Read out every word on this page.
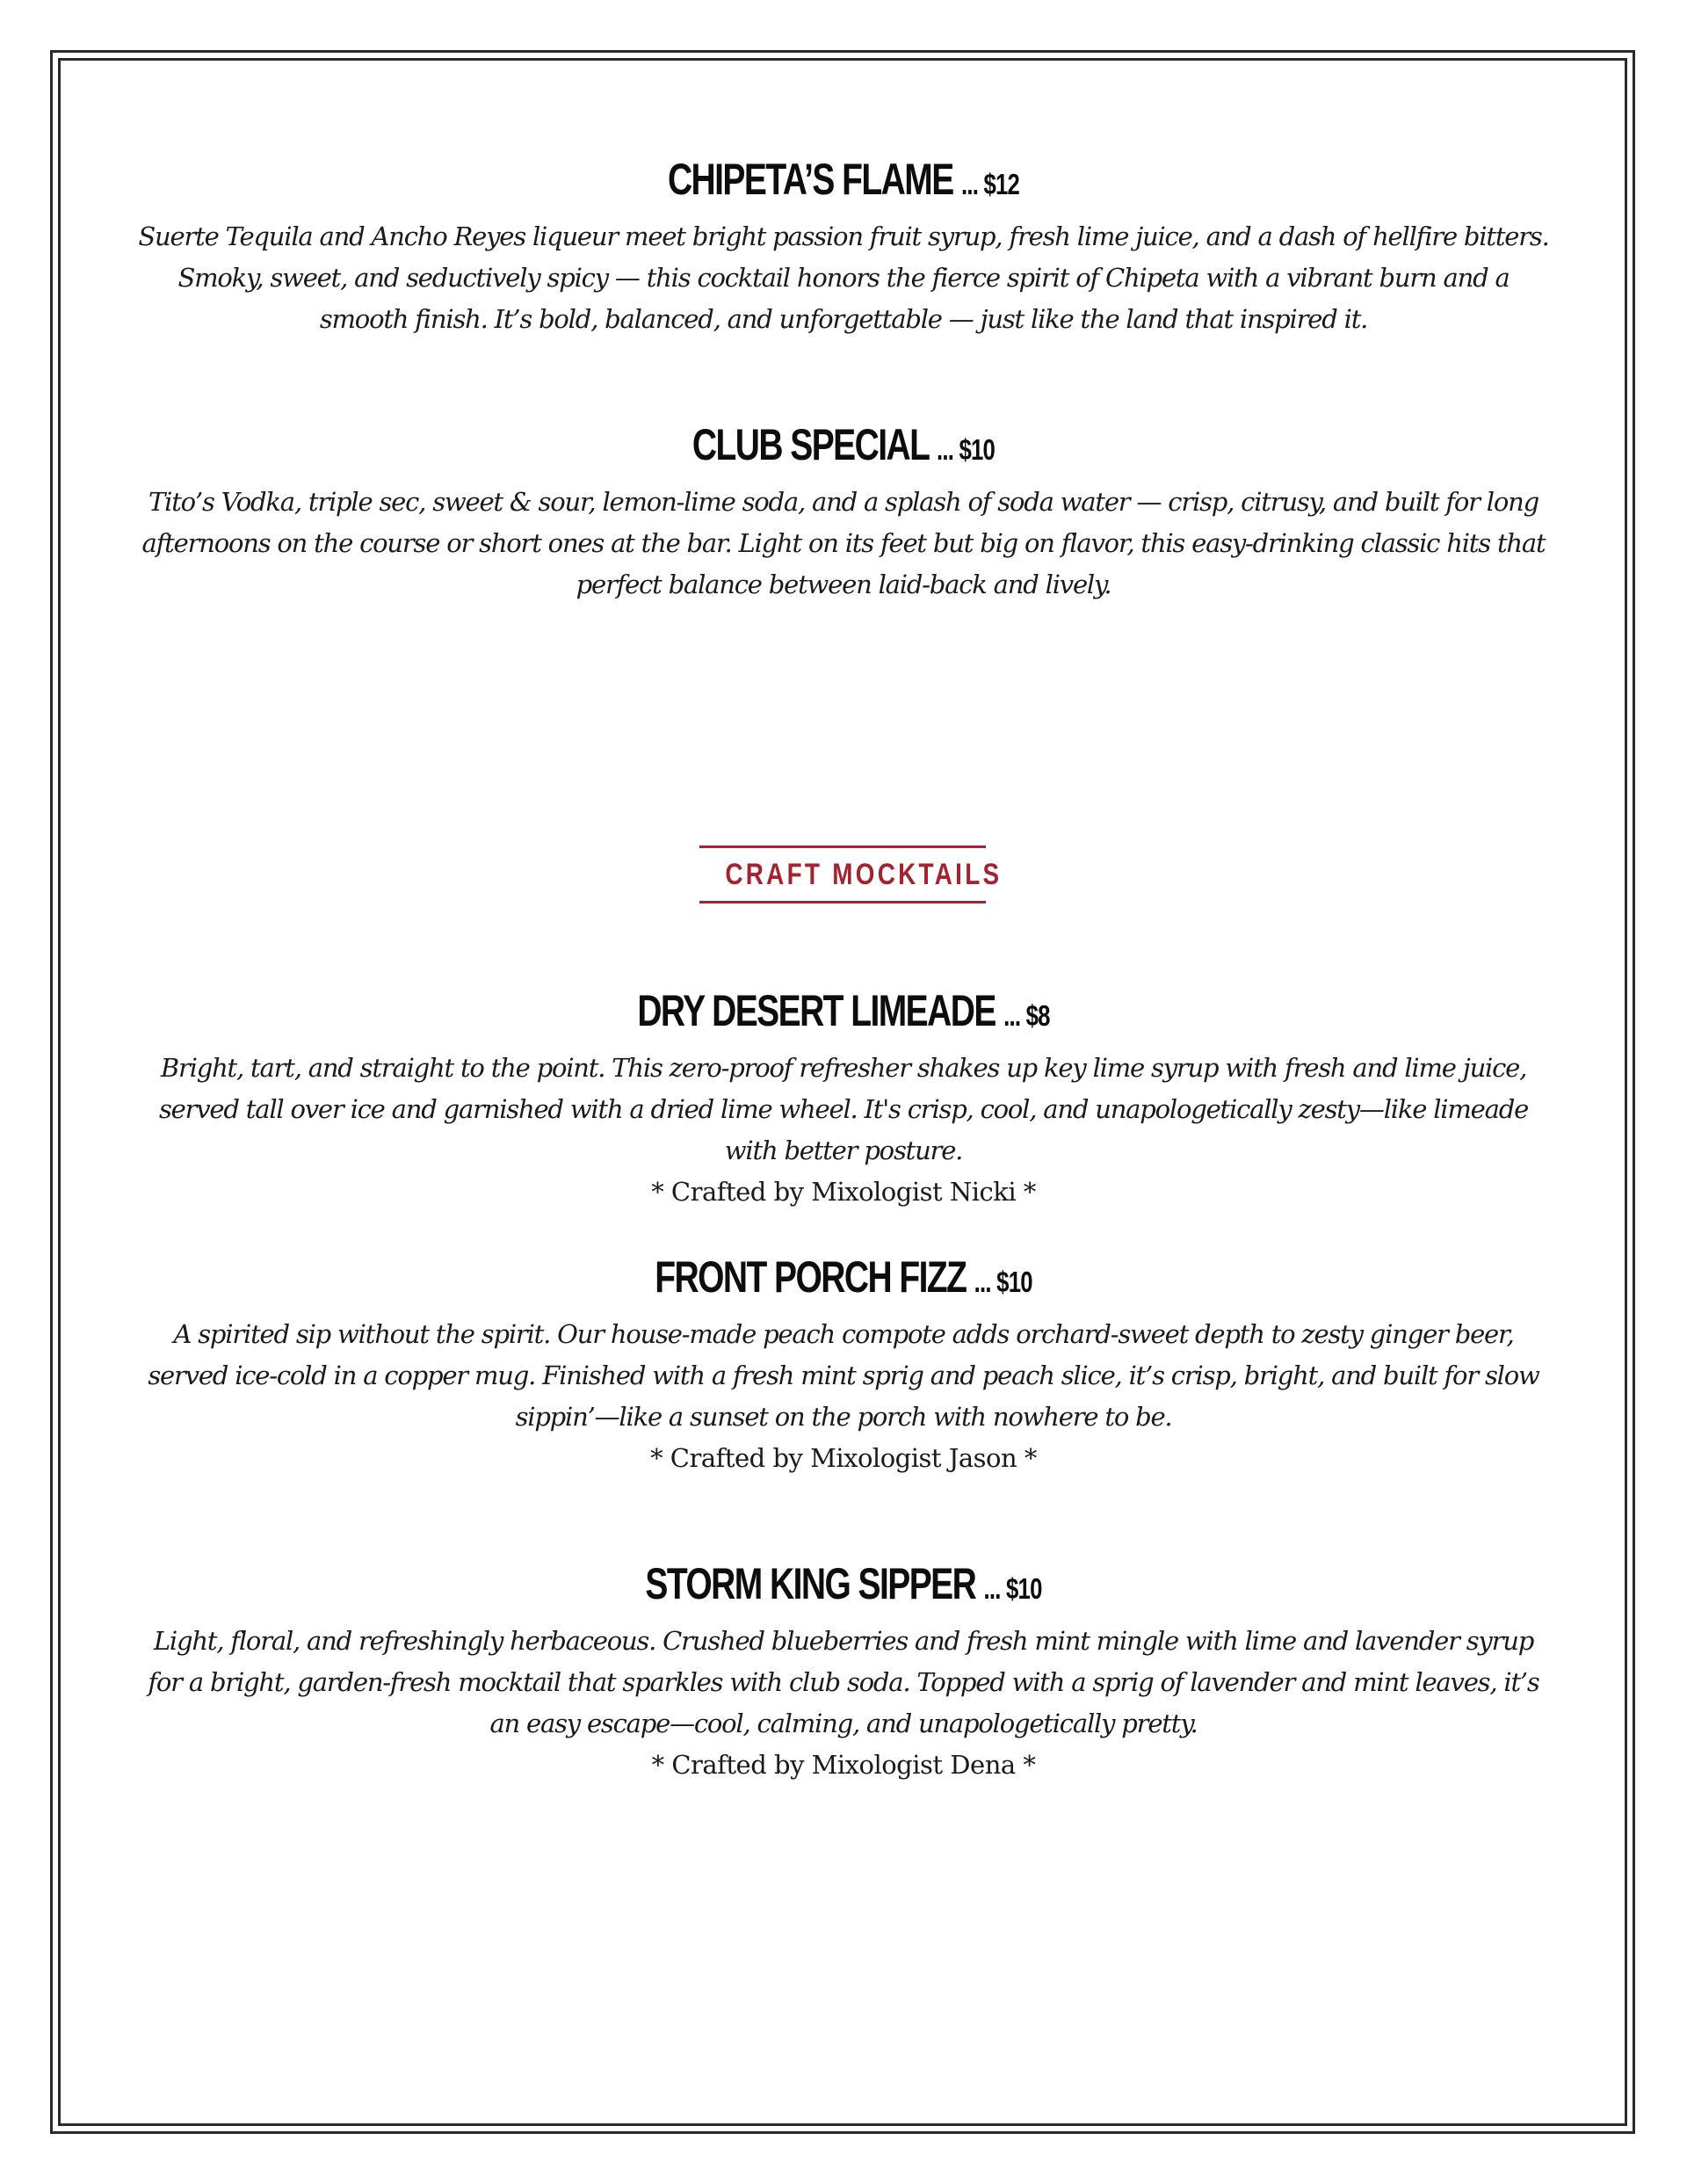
CHIPETA’S FLAME ... $12

Suerte Tequila and Ancho Reyes liqueur meet bright passion fruit syrup, fresh lime juice, and a dash of hellfire bitters. Smoky, sweet, and seductively spicy — this cocktail honors the fierce spirit of Chipeta with a vibrant burn and a smooth finish. It’s bold, balanced, and unforgettable — just like the land that inspired it.

CLUB SPECIAL ... $10

Tito’s Vodka, triple sec, sweet & sour, lemon-lime soda, and a splash of soda water — crisp, citrusy, and built for long afternoons on the course or short ones at the bar. Light on its feet but big on flavor, this easy-drinking classic hits that perfect balance between laid-back and lively.

CRAFT MOCKTAILS
DRY DESERT LIMEADE ... $8

Bright, tart, and straight to the point. This zero-proof refresher shakes up key lime syrup with fresh and lime juice, served tall over ice and garnished with a dried lime wheel. It's crisp, cool, and unapologetically zesty—like limeade with better posture.

* Crafted by Mixologist Nicki *

FRONT PORCH FIZZ ... $10

A spirited sip without the spirit. Our house-made peach compote adds orchard-sweet depth to zesty ginger beer, served ice-cold in a copper mug. Finished with a fresh mint sprig and peach slice, it’s crisp, bright, and built for slow sippin’—like a sunset on the porch with nowhere to be.

* Crafted by Mixologist Jason *

STORM KING SIPPER ... $10

Light, floral, and refreshingly herbaceous. Crushed blueberries and fresh mint mingle with lime and lavender syrup for a bright, garden-fresh mocktail that sparkles with club soda. Topped with a sprig of lavender and mint leaves, it’s an easy escape—cool, calming, and unapologetically pretty.

* Crafted by Mixologist Dena *
